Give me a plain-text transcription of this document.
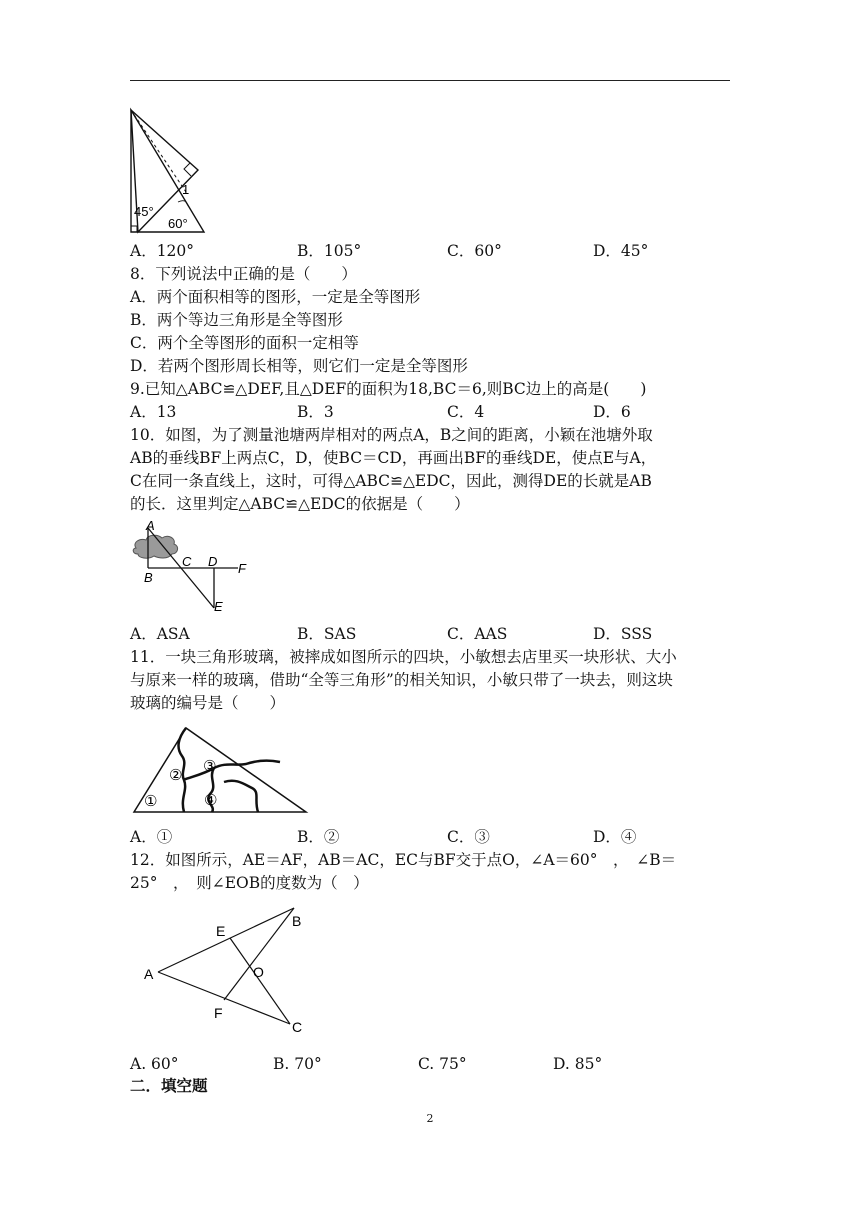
45°
60°
1
A．120°	B．105°	C．60°	D．45°
8．下列说法中正确的是（　　）
A．两个面积相等的图形，一定是全等图形
B．两个等边三角形是全等图形
C．两个全等图形的面积一定相等
D．若两个图形周长相等，则它们一定是全等图形
9.已知△ABC≌△DEF,且△DEF的面积为18,BC＝6,则BC边上的高是(　　)
A．13	B．3	C．4	D．6
10．如图，为了测量池塘两岸相对的两点A，B之间的距离，小颖在池塘外取
AB的垂线BF上两点C，D，使BC＝CD，再画出BF的垂线DE，使点E与A，
C在同一条直线上，这时，可得△ABC≌△EDC，因此，测得DE的长就是AB
的长．这里判定△ABC≌△EDC的依据是（　　）
A
B
C D
E
F
A．ASA	B．SAS	C．AAS	D．SSS
11．一块三角形玻璃，被摔成如图所示的四块，小敏想去店里买一块形状、大小
与原来一样的玻璃，借助“全等三角形”的相关知识，小敏只带了一块去，则这块
玻璃的编号是（　　）
①
②
③
④
A．①	B．②	C．③	D．④
12．如图所示，AE＝AF，AB＝AC，EC与BF交于点O，∠A＝60°　，　∠B＝
25°　，　则∠EOB的度数为（　）
A
B
C
E
F
O
A. 60°	B. 70°	C. 75°	D. 85°
二．填空题
2
